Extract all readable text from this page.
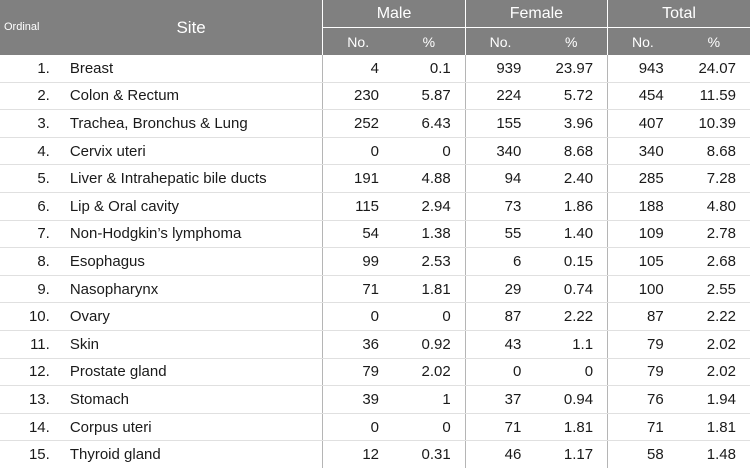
Ordinal	Site	Male		Female		Total	
		No.	%	No.	%	No.	%
1.	Breast	4	0.1	939	23.97	943	24.07
2.	Colon & Rectum	230	5.87	224	5.72	454	11.59
3.	Trachea, Bronchus & Lung	252	6.43	155	3.96	407	10.39
4.	Cervix uteri	0	0	340	8.68	340	8.68
5.	Liver & Intrahepatic bile ducts	191	4.88	94	2.40	285	7.28
6.	Lip & Oral cavity	115	2.94	73	1.86	188	4.80
7.	Non-Hodgkin’s lymphoma	54	1.38	55	1.40	109	2.78
8.	Esophagus	99	2.53	6	0.15	105	2.68
9.	Nasopharynx	71	1.81	29	0.74	100	2.55
10.	Ovary	0	0	87	2.22	87	2.22
11.	Skin	36	0.92	43	1.1	79	2.02
12.	Prostate gland	79	2.02	0	0	79	2.02
13.	Stomach	39	1	37	0.94	76	1.94
14.	Corpus uteri	0	0	71	1.81	71	1.81
15.	Thyroid gland	12	0.31	46	1.17	58	1.48
